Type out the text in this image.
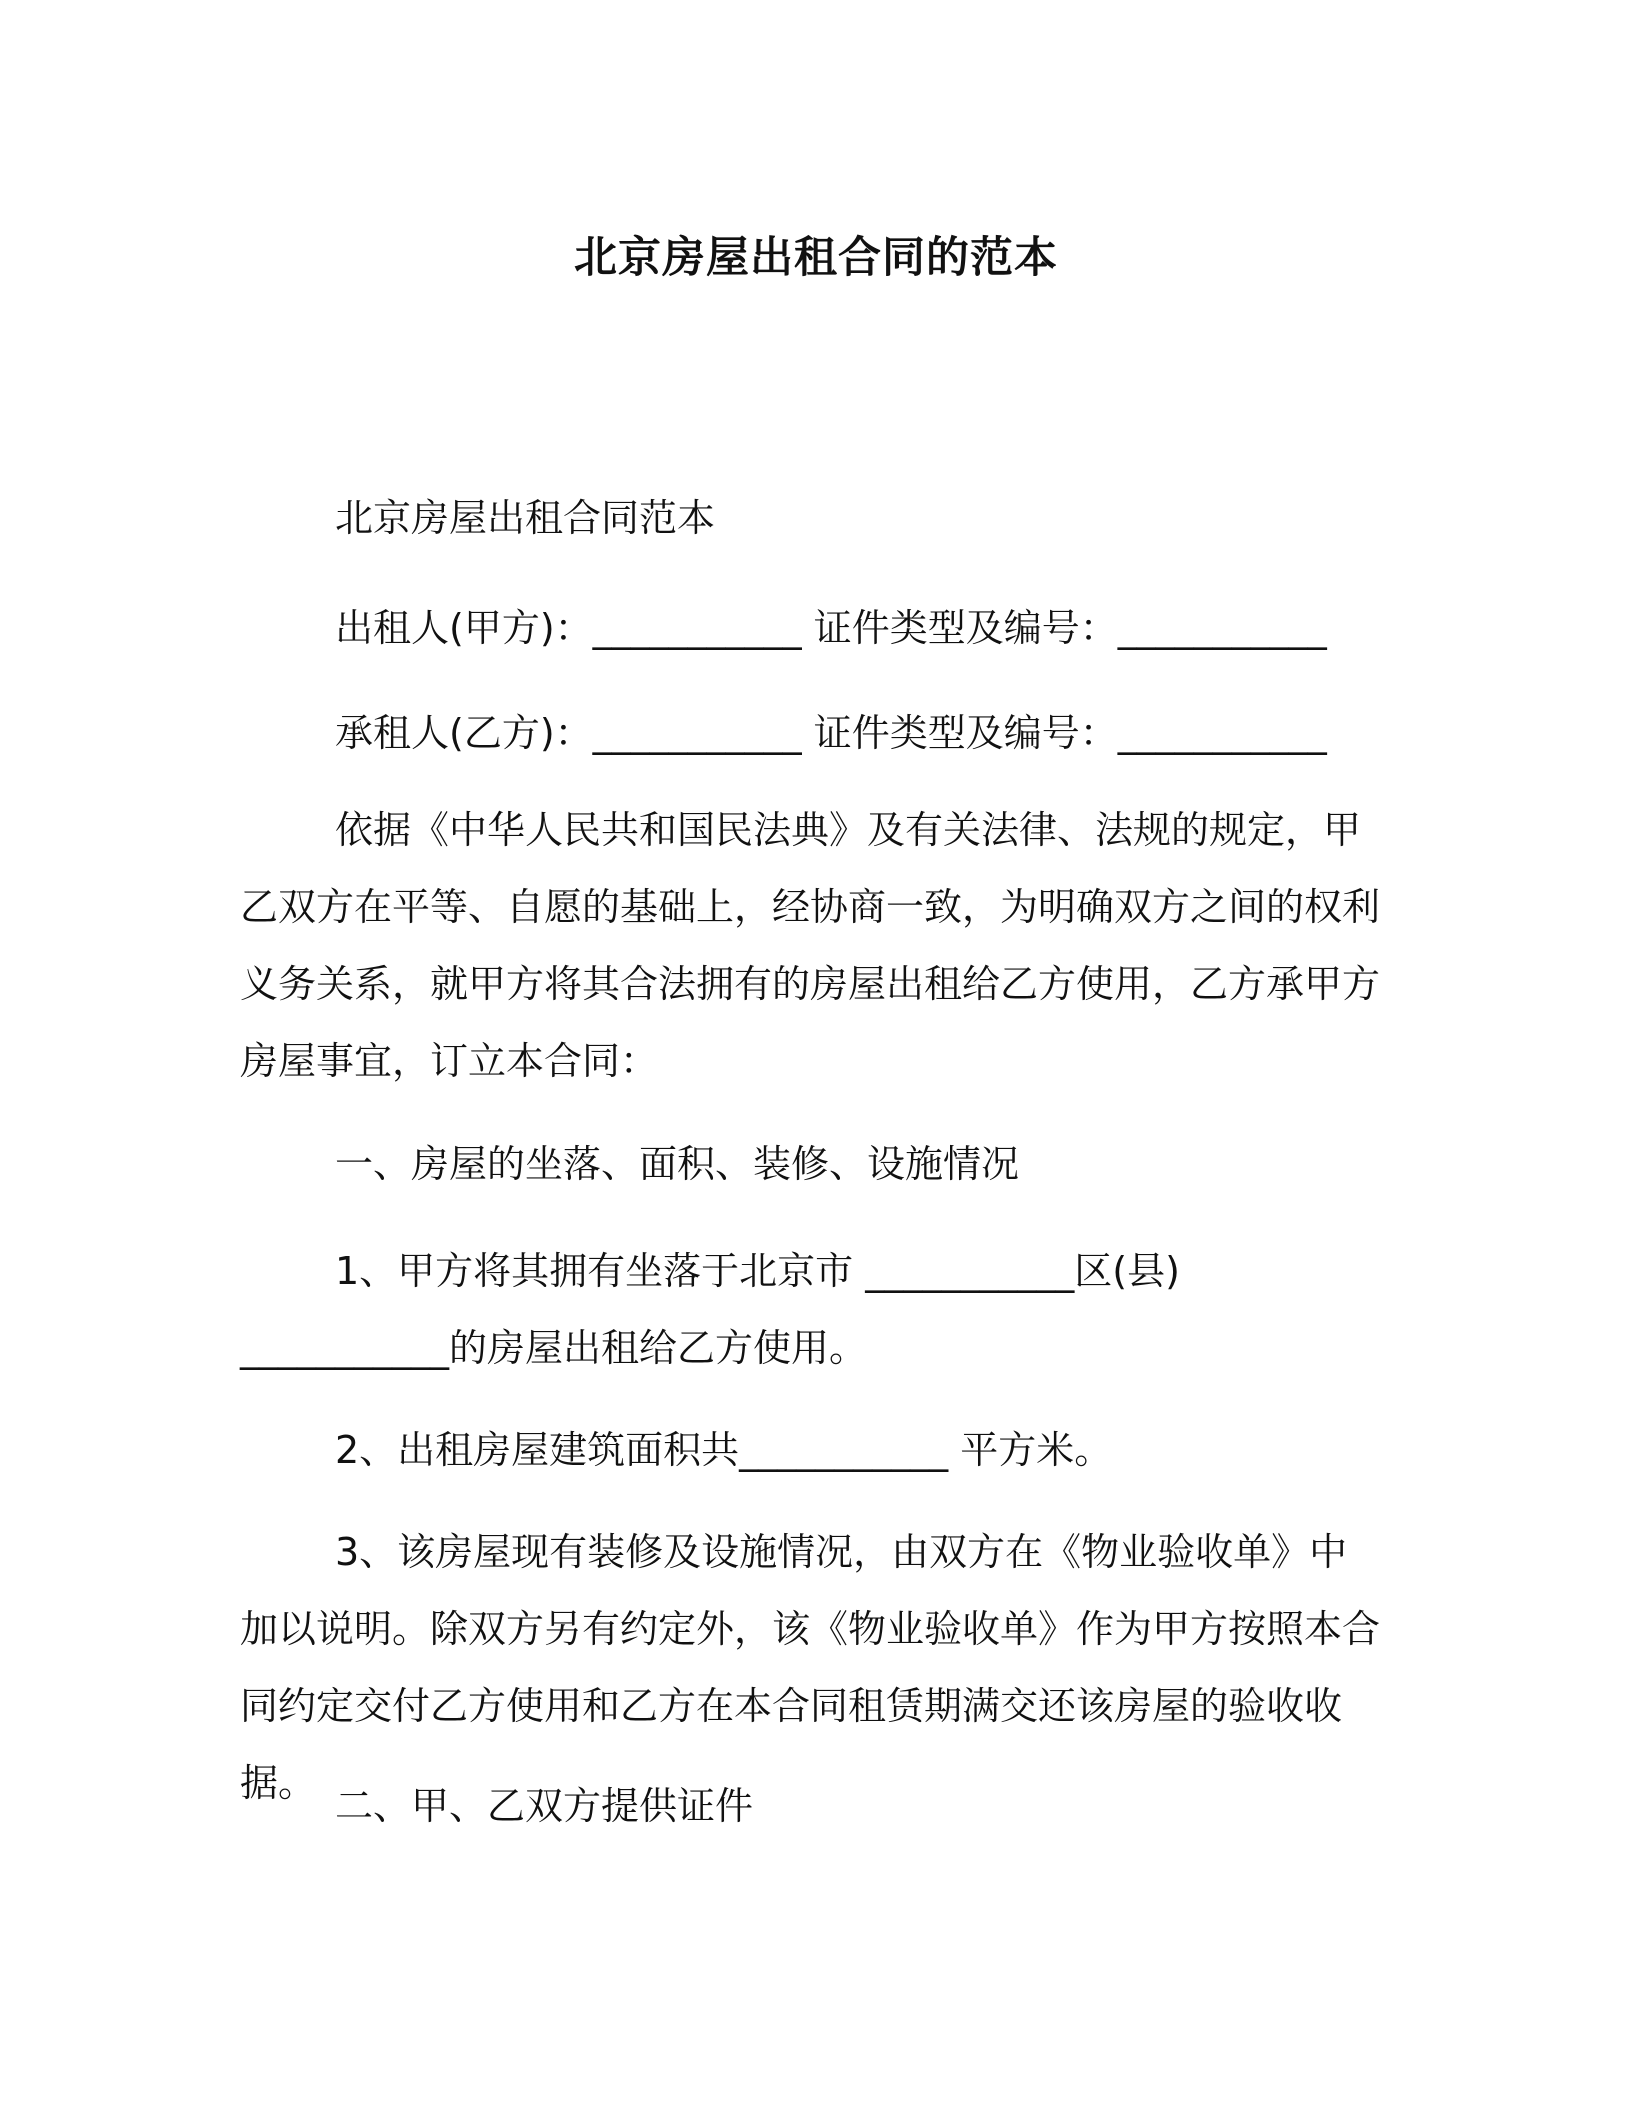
北京房屋出租合同的范本
北京房屋出租合同范本
出租人(甲方)：___________ 证件类型及编号：___________
承租人(乙方)：___________ 证件类型及编号：___________
依据《中华人民共和国民法典》及有关法律、法规的规定，甲乙双方在平等、自愿的基础上，经协商一致，为明确双方之间的权利义务关系，就甲方将其合法拥有的房屋出租给乙方使用，乙方承甲方房屋事宜，订立本合同：
一、房屋的坐落、面积、装修、设施情况
1、甲方将其拥有坐落于北京市 ___________区(县) ___________的房屋出租给乙方使用。
2、出租房屋建筑面积共___________ 平方米。
3、该房屋现有装修及设施情况，由双方在《物业验收单》中加以说明。除双方另有约定外，该《物业验收单》作为甲方按照本合同约定交付乙方使用和乙方在本合同租赁期满交还该房屋的验收收据。
二、甲、乙双方提供证件
